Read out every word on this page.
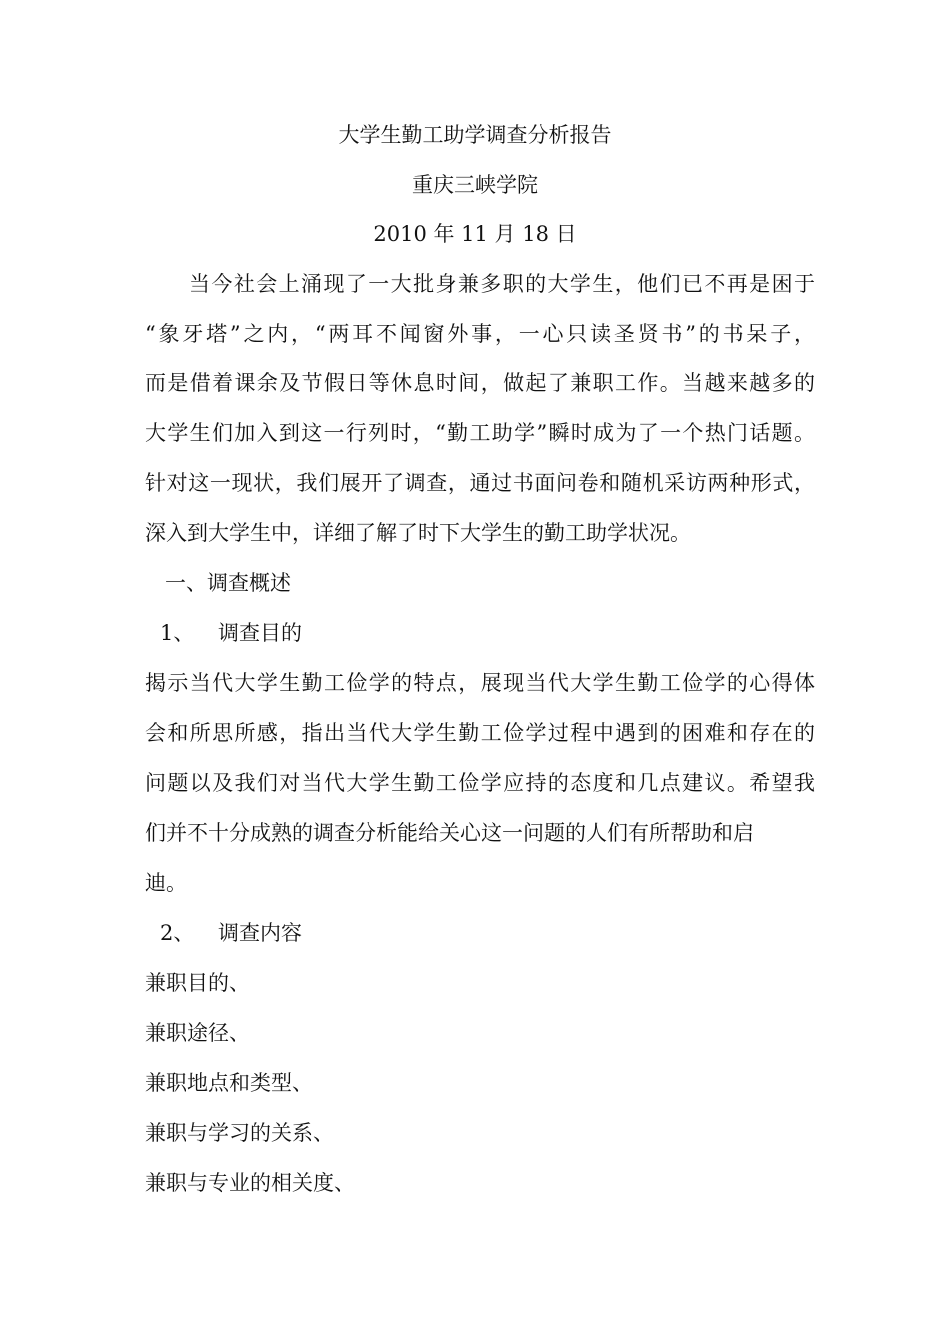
大学生勤工助学调查分析报告
重庆三峡学院
2010 年 11 月 18 日
当今社会上涌现了一大批身兼多职的大学生，他们已不再是困于
“象牙塔”之内，“两耳不闻窗外事，一心只读圣贤书”的书呆子，
而是借着课余及节假日等休息时间，做起了兼职工作。当越来越多的
大学生们加入到这一行列时，“勤工助学”瞬时成为了一个热门话题。
针对这一现状，我们展开了调查，通过书面问卷和随机采访两种形式，
深入到大学生中，详细了解了时下大学生的勤工助学状况。
一、调查概述
1、 调查目的
揭示当代大学生勤工俭学的特点，展现当代大学生勤工俭学的心得体
会和所思所感，指出当代大学生勤工俭学过程中遇到的困难和存在的
问题以及我们对当代大学生勤工俭学应持的态度和几点建议。希望我
们并不十分成熟的调查分析能给关心这一问题的人们有所帮助和启
迪。
2、 调查内容
兼职目的、
兼职途径、
兼职地点和类型、
兼职与学习的关系、
兼职与专业的相关度、
